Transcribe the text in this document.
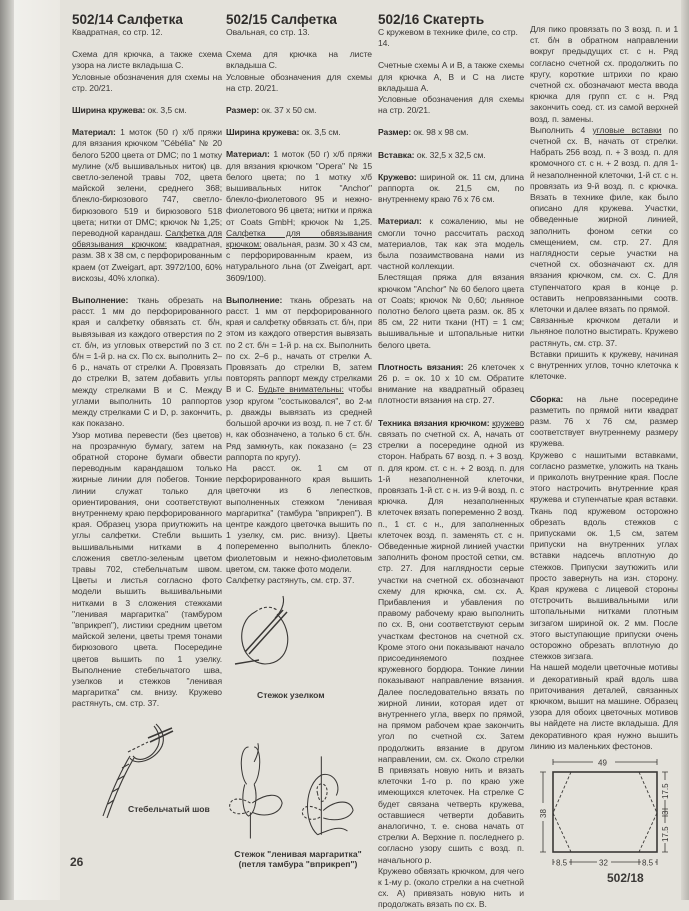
502/14 Салфетка
Квадратная, со стр. 12.

Схема для крючка, а также схема узора на листе вкладыша С.

Условные обозначения для схемы на стр. 20/21.

Ширина кружева: ок. 3,5 см.

Материал: 1 моток (50 г) х/б пряжи для вязания крючком "Cébélia" № 20 белого 5200 цвета от DMC; по 1 мотку мулине (х/б вышивальных ниток) цв. светло-зеленой травы 702, цвета майской зелени, среднего 368; блекло-бирюзового 747, светло-бирюзового 519 и бирюзового 518 цвета; нитки от DMC; крючок № 1,25; переводной карандаш. Салфетка для обвязывания крючком: квадратная, разм. 38 х 38 см, с перфорированным краем (от Zweigart, арт. 3972/100, 60% вискозы, 40% хлопка).

Выполнение: ткань обрезать на расст. 1 мм до перфорированного края и салфетку обвязать ст. б/н, вывязывая из каждого отверстия по 2 ст. б/н, из угловых отверстий по 3 ст. б/н = 1-й р. на сх. По сх. выполнить 2–6 р., начать от стрелки А. Провязать до стрелки В, затем добавить углы между стрелками В и С. Между углами выполнить 10 раппортов между стрелками С и D, р. закончить, как показано.

Узор мотива перевести (без цветов) на прозрачную бумагу, затем на обратной стороне бумаги обвести переводным карандашом только жирные линии для побегов. Тонкие линии служат только для ориентирования, они соответствуют внутреннему краю перфорированного края. Образец узора приутюжить на углы салфетки. Стебли вышить вышивальными нитками в 4 сложения светло-зеленым цветом травы 702, стебельчатым швом. Цветы и листья согласно фото модели вышить вышивальными нитками в 3 сложения стежками "ленивая маргаритка" (тамбуром "вприкреп"), листики средним цветом майской зелени, цветы тремя тонами бирюзового цвета. Посередине цветов вышить по 1 узелку. Выполнение стебельчатого шва, узелков и стежков "ленивая маргаритка" см. внизу. Кружево растянуть, см. стр. 37.

502/15 Салфетка
Овальная, со стр. 13.

Схема для крючка на листе вкладыша С.

Условные обозначения для схемы на стр. 20/21.

Размер: ок. 37 х 50 см.

Ширина кружева: ок. 3,5 см.

Материал: 1 моток (50 г) х/б пряжи для вязания крючком "Opera" № 15 белого цвета; по 1 мотку х/б вышивальных ниток "Anchor" блекло-фиолетового 95 и нежно-фиолетового 96 цвета; нитки и пряжа от Coats GmbH; крючок № 1,25. Салфетка для обвязывания крючком: овальная, разм. 30 х 43 см, с перфорированным краем, из натурального льна (от Zweigart, арт. 3609/100).

Выполнение: ткань обрезать на расст. 1 мм от перфорированного края и салфетку обвязать ст. б/н, при этом из каждого отверстия вывязать по 2 ст. б/н = 1-й р. на сх. Выполнить по сх. 2–6 р., начать от стрелки А. Провязать до стрелки В, затем повторять раппорт между стрелками В и С. Будьте внимательны: чтобы узор кругом "состыковался", во 2-м р. дважды вывязать из средней большой арочки из возд. п. не 7 ст. б/н, как обозначено, а только 6 ст. б/н. Ряд замкнуть, как показано (= 23 раппорта по кругу).

На расст. ок. 1 см от перфорированного края вышить цветочки из 6 лепестков, выполненных стежком "ленивая маргаритка" (тамбура "вприкреп"). В центре каждого цветочка вышить по 1 узелку, см. рис. внизу). Цветы попеременно выполнить блекло-фиолетовым и нежно-фиолетовым цветом, см. также фото модели.

Салфетку растянуть, см. стр. 37.

502/16 Скатерть
С кружевом в технике филе, со стр. 14.

Счетные схемы А и В, а также схемы для крючка А, В и С на листе вкладыша А.

Условные обозначения для схемы на стр. 20/21.

Размер: ок. 98 х 98 см.

Вставка: ок. 32,5 х 32,5 см.

Кружево: шириной ок. 11 см, длина раппорта ок. 21,5 см, по внутреннему краю 76 х 76 см.

Материал: к сожалению, мы не смогли точно рассчитать расход материалов, так как эта модель была позаимствована нами из частной коллекции.

Блестящая пряжа для вязания крючком "Anchor" № 60 белого цвета от Coats; крючок № 0,60; льняное полотно белого цвета разм. ок. 85 х 85 см, 22 нити ткани (НТ) = 1 см; вышивальные и штопальные нитки белого цвета.

Плотность вязания: 26 клеточек х 26 р. = ок. 10 х 10 см. Обратите внимание на квадратный образец плотности вязания на стр. 27.

Техника вязания крючком: кружево связать по счетной сх. А, начать от стрелки а посередине одной из сторон. Набрать 67 возд. п. + 3 возд. п. для кром. ст. с н. + 2 возд. п. для 1-й незаполненной клеточки, провязать 1-й ст. с н. из 9-й возд. п. с крючка. Для незаполненных клеточек вязать попеременно 2 возд. п., 1 ст. с н., для заполненных клеточек возд. п. заменять ст. с н. Обведенные жирной линией участки заполнить фоном простой сетки, см. стр. 27. Для наглядности серые участки на счетной сх. обозначают схему для крючка, см. сх. А. Прибавления и убавления по правому рабочему краю выполнить по сх. В, они соответствуют серым участкам фестонов на счетной сх. Кроме этого они показывают начало присоединяемого позднее кружевного бордюра. Тонкие линии показывают направление вязания. Далее последовательно вязать по жирной линии, которая идет от внутреннего угла, вверх по прямой, на прямом рабочем крае закончить угол по счетной сх. Затем продолжить вязание в другом направлении, см. сх. Около стрелки В привязать новую нить и вязать клеточки 1-го р. по краю уже имеющихся клеточек. На стрелке С будет связана четверть кружева, оставшиеся четверти добавить аналогично, т. е. снова начать от стрелки А. Верхние п. последнего р. согласно узору сшить с возд. п. начального р.

Кружево обвязать крючком, для чего к 1-му р. (около стрелки а на счетной сх. А) привязать новую нить и продолжать вязать по сх. В.

Для пико провязать по 3 возд. п. и 1 ст. б/н в обратном направлении вокруг предыдущих ст. с н. Ряд согласно счетной сх. продолжить по кругу, короткие штрихи по краю счетной сх. обозначают места ввода крючка для групп ст. с н. Ряд закончить соед. ст. из самой верхней возд. п. замены.

Выполнить 4 угловые вставки по счетной сх. В, начать от стрелки. Набрать 256 возд. п. + 3 возд. п. для кромочного ст. с н. + 2 возд. п. для 1-й незаполненной клеточки, 1-й ст. с н. провязать из 9-й возд. п. с крючка. Вязать в технике филе, как было описано для кружева. Участки, обведенные жирной линией, заполнить фоном сетки со смещением, см. стр. 27. Для наглядности серые участки на счетной сх. обозначают сх. для вязания крючком, см. сх. С. Для ступенчатого края в конце р. оставить непровязанными соотв. клеточки и далее вязать по прямой.

Связанные крючком детали и льняное полотно выстирать. Кружево растянуть, см. стр. 37.

Вставки пришить к кружеву, начиная с внутренних углов, точно клеточка к клеточке.

Сборка: на льне посередине разметить по прямой нити квадрат разм. 76 х 76 см, размер соответствует внутреннему размеру кружева.

Кружево с нашитыми вставками, согласно разметке, уложить на ткань и приколоть внутренние края. После этого настрочить внутренние края кружева и ступенчатые края вставки. Ткань под кружевом осторожно обрезать вдоль стежков с припусками ок. 1,5 см, затем припуски на внутренних углах вставки надсечь вплотную до стежков. Припуски заутюжить или просто завернуть на изн. сторону. Края кружева с лицевой стороны отстрочить вышивальными или штопальными нитками плотным зигзагом шириной ок. 2 мм. После этого выступающие припуски очень осторожно обрезать вплотную до стежков зигзага.

На нашей модели цветочные мотивы и декоративный край вдоль шва приточивания деталей, связанных крючком, вышит на машине. Образец узора для обоих цветочных мотивов вы найдете на листе вкладыша. Для декоративного края нужно вышить линию из маленьких фестонов.

Стебельчатый шов
Стежок узелком
Стежок "ленивая маргаритка"
(петля тамбура "вприкреп")
49
38
8.5	32	8.5
17.5
3
17.5
502/18
26
